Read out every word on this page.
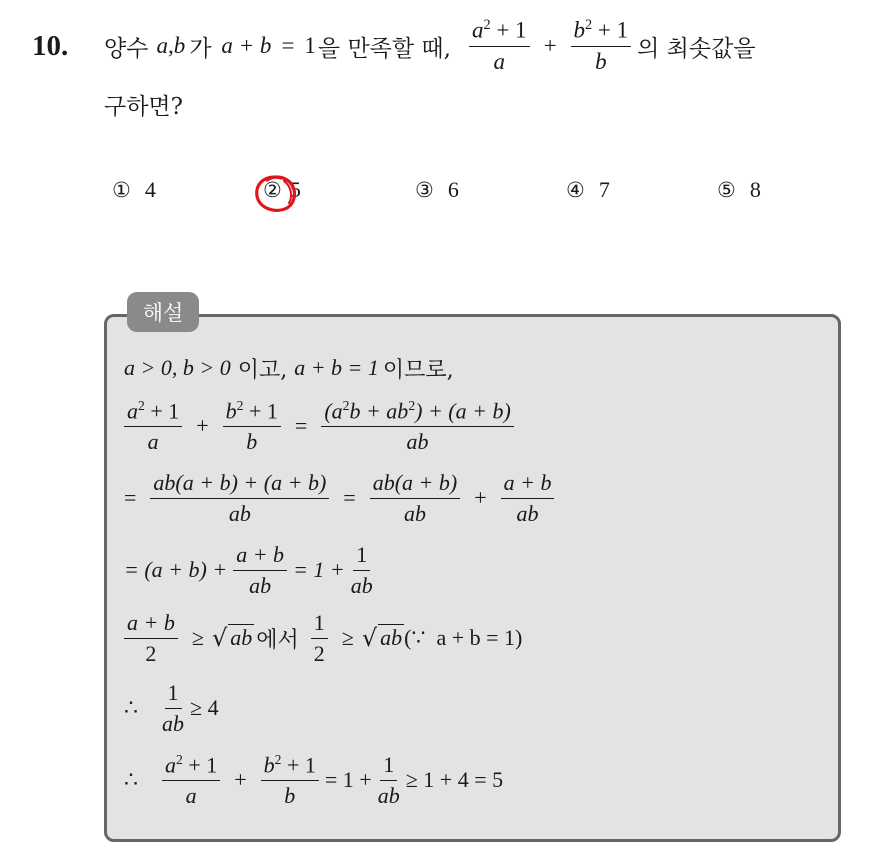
10. 양수 a,b 가 a + b = 1 을 만족할 때, $\frac{a^2 + 1}{a} + \frac{b^2 + 1}{b}$ 의 최솟값을
구하면?
① 4	② 5	③ 6	④ 7	⑤ 8
해설
a > 0, b > 0 이고, a + b = 1 이므로,
$\frac{a^2 + 1}{a} + \frac{b^2 + 1}{b} = \frac{(a^2b + ab^2) + (a + b)}{ab}$
= $\frac{ab(a + b) + (a + b)}{ab} = \frac{ab(a + b)}{ab} + \frac{a + b}{ab}$
= $(a + b) + \frac{a + b}{ab} = 1 + \frac{1}{ab}$
$\frac{a + b}{2}$ ≥ √ ab 에서 $\frac{1}{2}$ ≥ √ ab (∵  a + b = 1)
∴ $\frac{1}{ab} \ge 4$
∴ $\frac{a^2 + 1}{a} + \frac{b^2 + 1}{b} = 1 + \frac{1}{ab} \ge 1 + 4 = 5$
